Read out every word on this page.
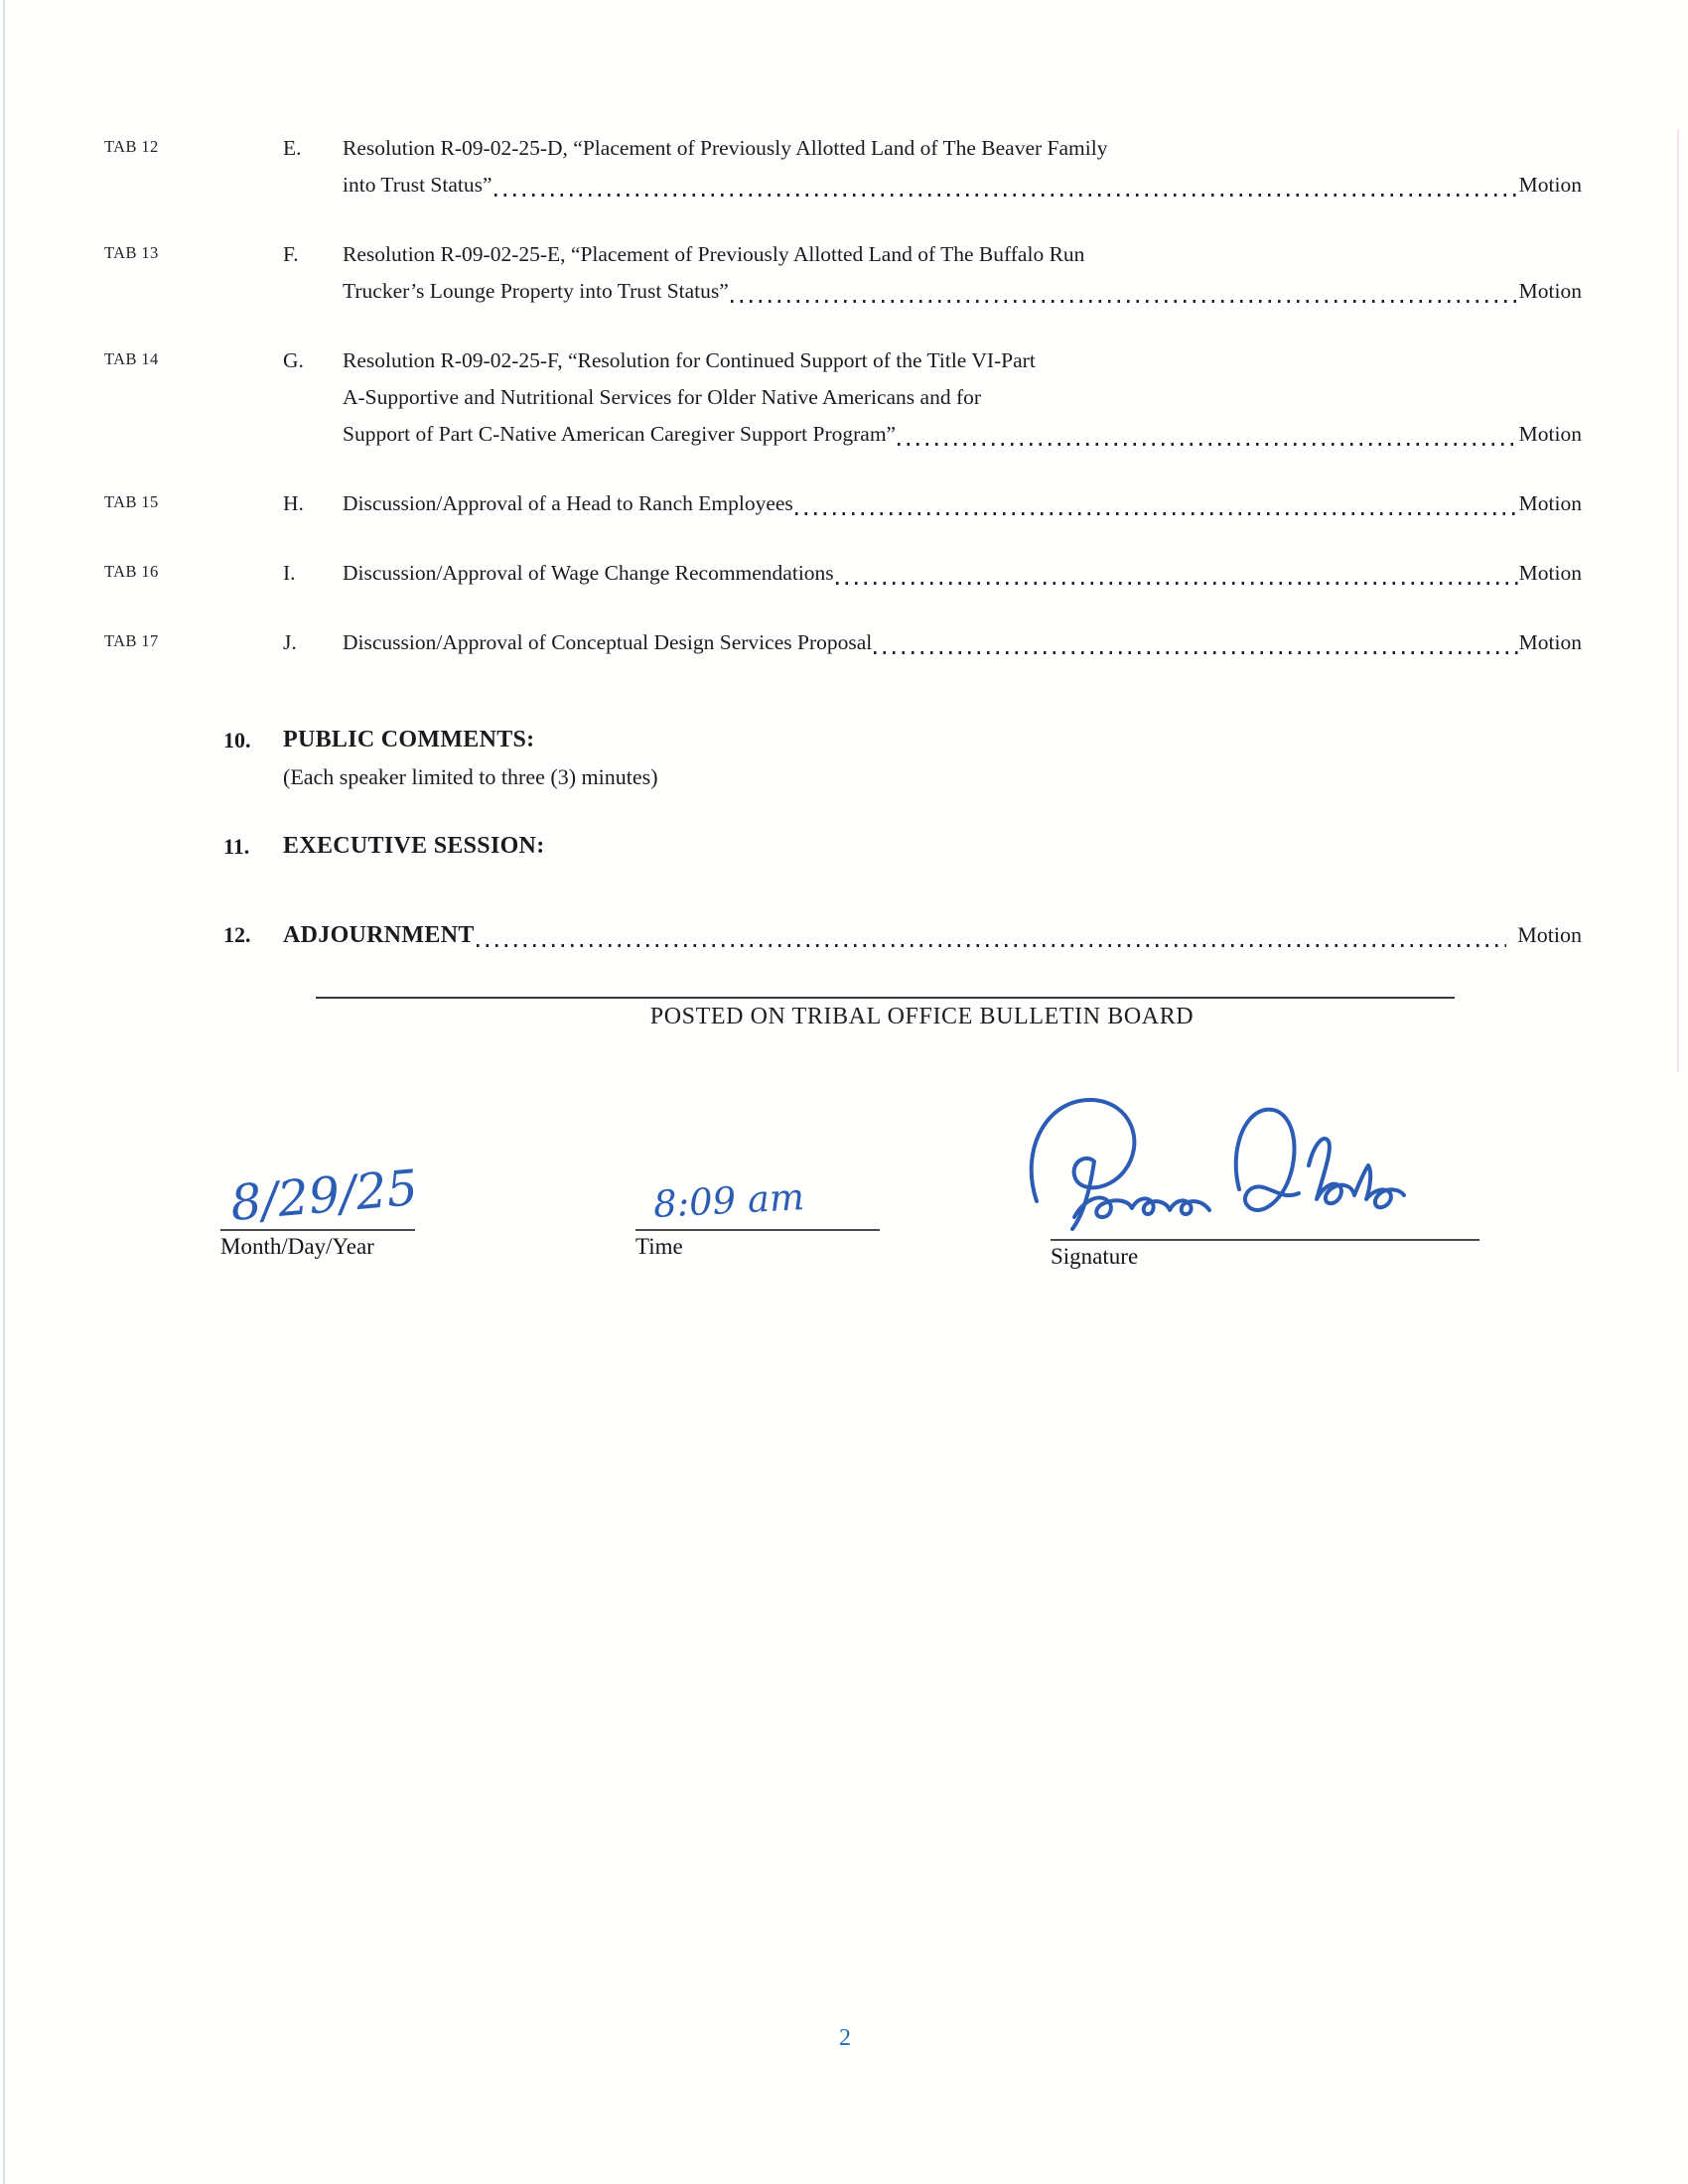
TAB 12	E.	Resolution R-09-02-25-D, “Placement of Previously Allotted Land of The Beaver Family
into Trust Status”	Motion
TAB 13	F.	Resolution R-09-02-25-E, “Placement of Previously Allotted Land of The Buffalo Run
Trucker’s Lounge Property into Trust Status”	Motion
TAB 14	G.	Resolution R-09-02-25-F, “Resolution for Continued Support of the Title VI-Part
A-Supportive and Nutritional Services for Older Native Americans and for
Support of Part C-Native American Caregiver Support Program”	Motion
TAB 15	H.	Discussion/Approval of a Head to Ranch Employees	Motion
TAB 16	I.	Discussion/Approval of Wage Change Recommendations	Motion
TAB 17	J.	Discussion/Approval of Conceptual Design Services Proposal	Motion
10.	PUBLIC COMMENTS:
(Each speaker limited to three (3) minutes)
11.	EXECUTIVE SESSION:
12.	ADJOURNMENT	Motion
POSTED ON TRIBAL OFFICE BULLETIN BOARD
8/29/25
Month/Day/Year
8:09 am
Time	Signature
2
